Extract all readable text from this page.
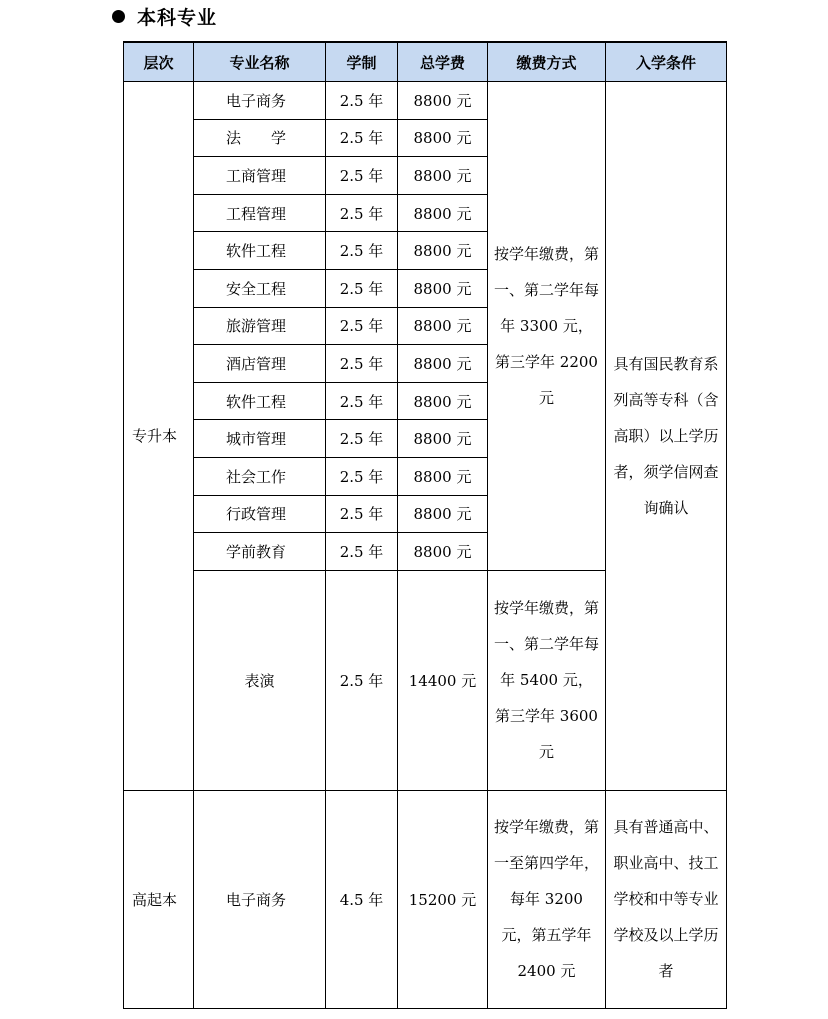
本科专业
层次	专业名称	学制	总学费	缴费方式	入学条件
专升本	电子商务	2.5 年	8800 元	按学年缴费，第一、第二学年每年 3300 元，第三学年 2200 元	具有国民教育系列高等专科（含高职）以上学历者，须学信网查询确认
	法　　学	2.5 年	8800 元		
	工商管理	2.5 年	8800 元		
	工程管理	2.5 年	8800 元		
	软件工程	2.5 年	8800 元		
	安全工程	2.5 年	8800 元		
	旅游管理	2.5 年	8800 元		
	酒店管理	2.5 年	8800 元		
	软件工程	2.5 年	8800 元		
	城市管理	2.5 年	8800 元		
	社会工作	2.5 年	8800 元		
	行政管理	2.5 年	8800 元		
	学前教育	2.5 年	8800 元		
	表演	2.5 年	14400 元	按学年缴费，第一、第二学年每年 5400 元，第三学年 3600 元	
高起本	电子商务	4.5 年	15200 元	按学年缴费，第一至第四学年，每年 3200 元，第五学年 2400 元	具有普通高中、职业高中、技工学校和中等专业学校及以上学历者
